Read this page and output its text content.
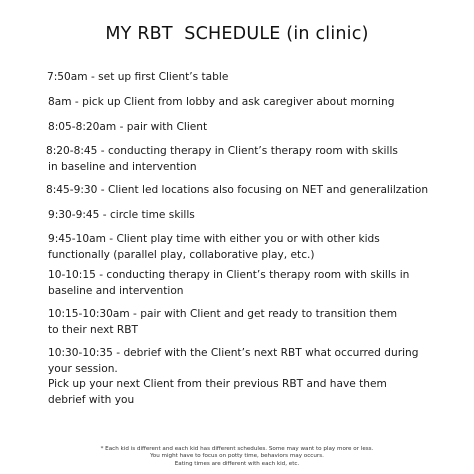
MY RBT  SCHEDULE (in clinic)
7:50am - set up first Client’s table
8am - pick up Client from lobby and ask caregiver about morning
8:05-8:20am - pair with Client
8:20-8:45 - conducting therapy in Client’s therapy room with skills
in baseline and intervention
8:45-9:30 - Client led locations also focusing on NET and generalilzation
9:30-9:45 - circle time skills
9:45-10am - Client play time with either you or with other kids
functionally (parallel play, collaborative play, etc.)
10-10:15 - conducting therapy in Client’s therapy room with skills in
baseline and intervention
10:15-10:30am - pair with Client and get ready to transition them
to their next RBT
10:30-10:35 - debrief with the Client’s next RBT what occurred during
your session.
Pick up your next Client from their previous RBT and have them
debrief with you
* Each kid is different and each kid has different schedules. Some may want to play more or less.
You might have to focus on potty time, behaviors may occurs.
Eating times are different with each kid, etc.
